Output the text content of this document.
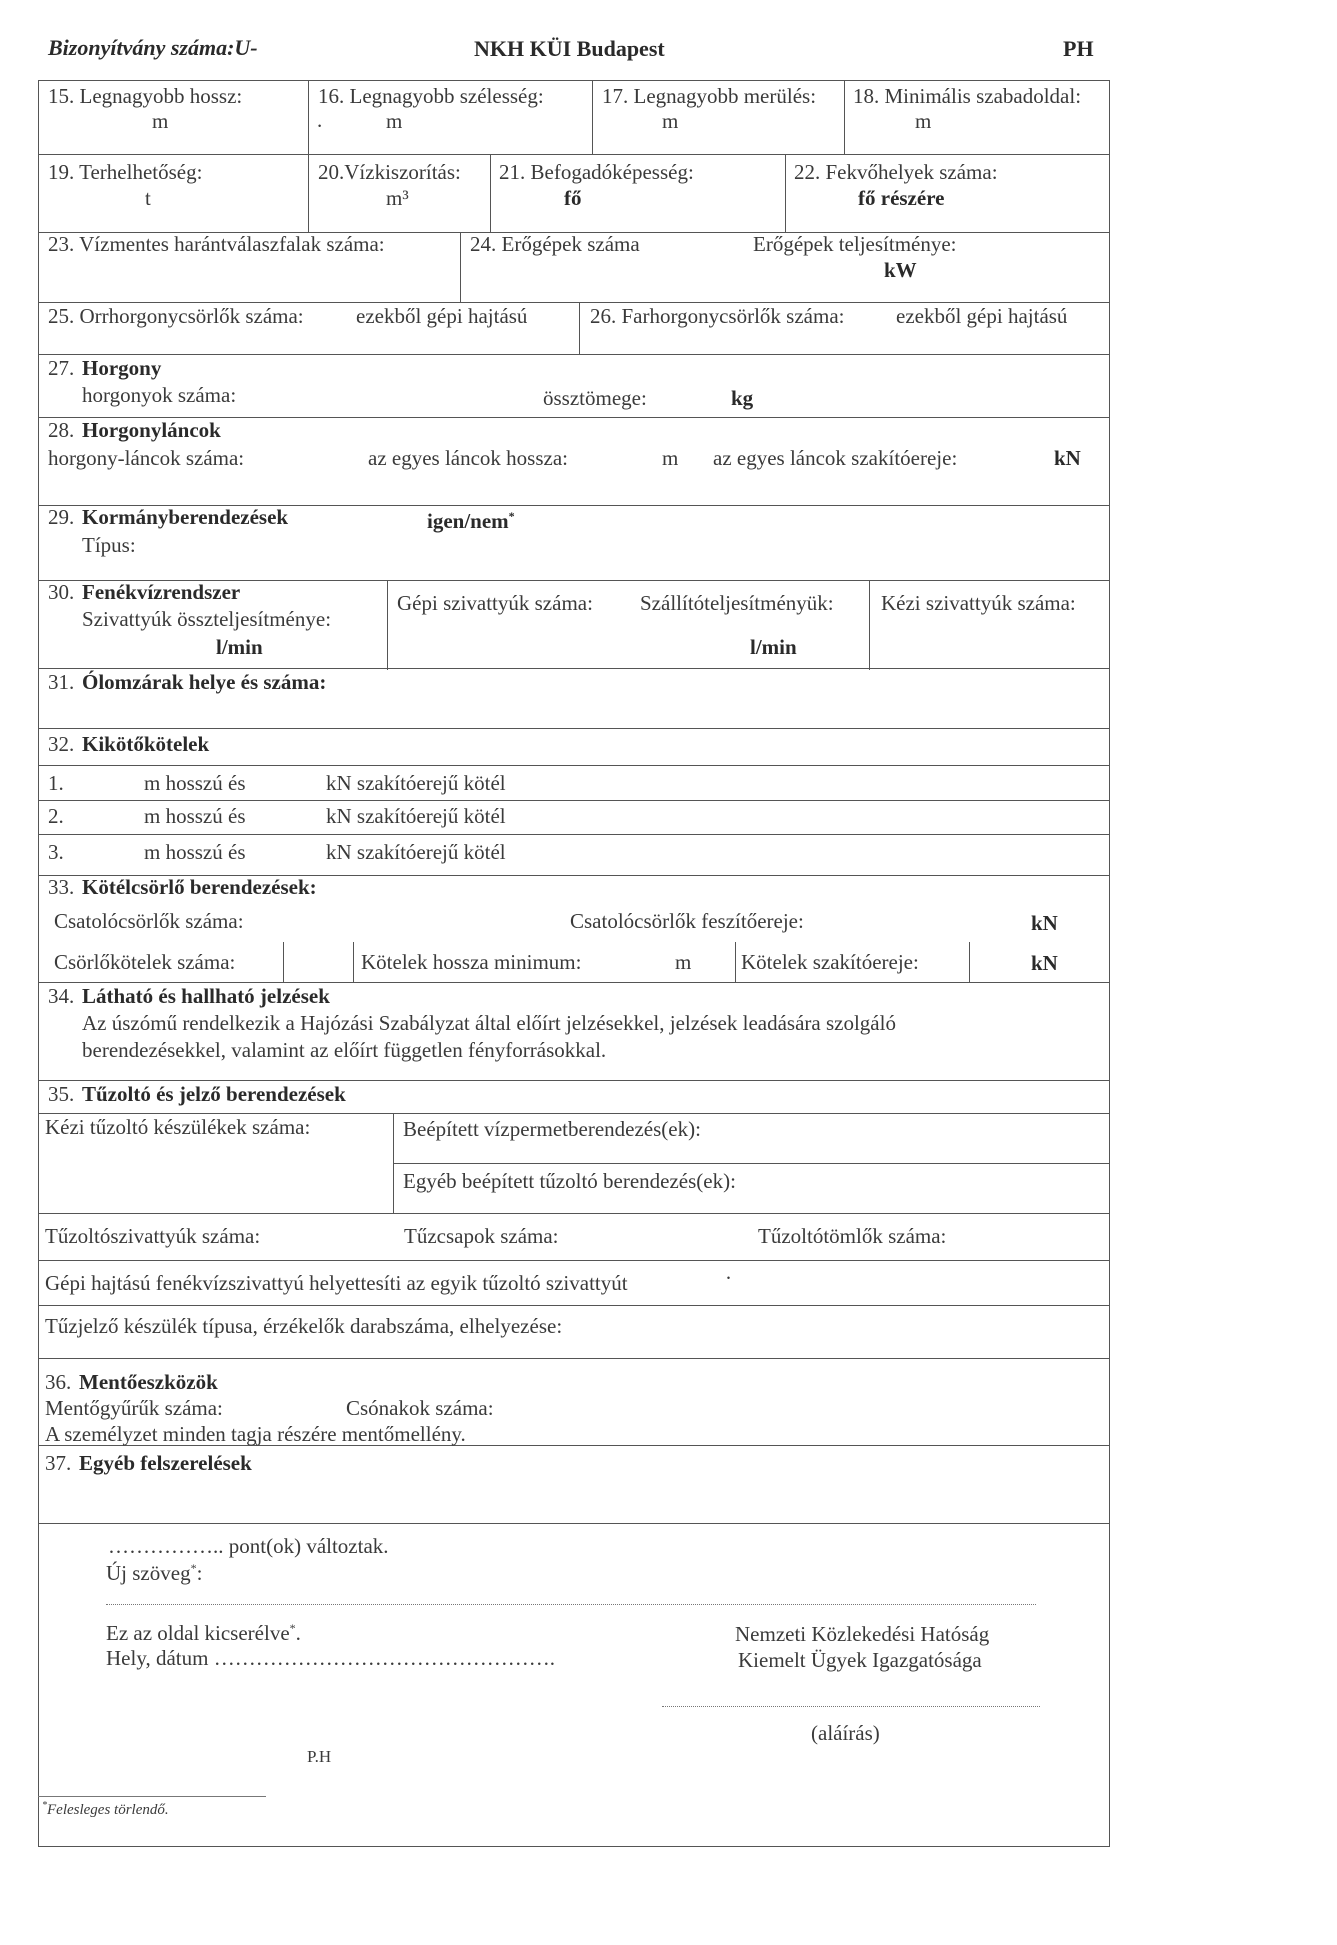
Bizonyítvány száma:U-	NKH KÜI Budapest	PH
15. Legnagyobb hossz:
m
16. Legnagyobb szélesség:
.	m
17. Legnagyobb merülés:
m
18. Minimális szabadoldal:
m
19. Terhelhetőség:
t
20.Vízkiszorítás:
m³
21. Befogadóképesség:
fő
22. Fekvőhelyek száma:
fő részére
23. Vízmentes harántválaszfalak száma:	24. Erőgépek száma	Erőgépek teljesítménye:
kW
25. Orrhorgonycsörlők száma: ezekből gépi hajtású	26. Farhorgonycsörlők száma: ezekből gépi hajtású
27. Horgony
horgonyok száma:	össztömege:	kg
28. Horgonyláncok
horgony-láncok száma:	az egyes láncok hossza:	m az egyes láncok szakítóereje:	kN
29. Kormányberendezések	igen/nem*
Típus:
30. Fenékvízrendszer
Szivattyúk összteljesítménye:
l/min
Gépi szivattyúk száma: Szállítóteljesítményük:
l/min
Kézi szivattyúk száma:
31. Ólomzárak helye és száma:
32. Kikötőkötelek
1.	m hosszú és	kN szakítóerejű kötél
2.	m hosszú és	kN szakítóerejű kötél
3.	m hosszú és	kN szakítóerejű kötél
33. Kötélcsörlő berendezések:
Csatolócsörlők száma:	Csatolócsörlők feszítőereje:	kN
Csörlőkötelek száma:	Kötelek hossza minimum:	m Kötelek szakítóereje:	kN
34. Látható és hallható jelzések
Az úszómű rendelkezik a Hajózási Szabályzat által előírt jelzésekkel, jelzések leadására szolgáló
berendezésekkel, valamint az előírt független fényforrásokkal.
35. Tűzoltó és jelző berendezések
Kézi tűzoltó készülékek száma:	Beépített vízpermetberendezés(ek):
Egyéb beépített tűzoltó berendezés(ek):
Tűzoltószivattyúk száma:	Tűzcsapok száma:	Tűzoltótömlők száma:
Gépi hajtású fenékvízszivattyú helyettesíti az egyik tűzoltó szivattyút	·
Tűzjelző készülék típusa, érzékelők darabszáma, elhelyezése:
36. Mentőeszközök
Mentőgyűrűk száma:	Csónakok száma:
A személyzet minden tagja részére mentőmellény.
37. Egyéb felszerelések
…………….. pont(ok) változtak.
Új szöveg*:
Ez az oldal kicserélve*.
Hely, dátum ………………………………………….
Nemzeti Közlekedési Hatóság
Kiemelt Ügyek Igazgatósága
(aláírás)
P.H
*Felesleges törlendő.
